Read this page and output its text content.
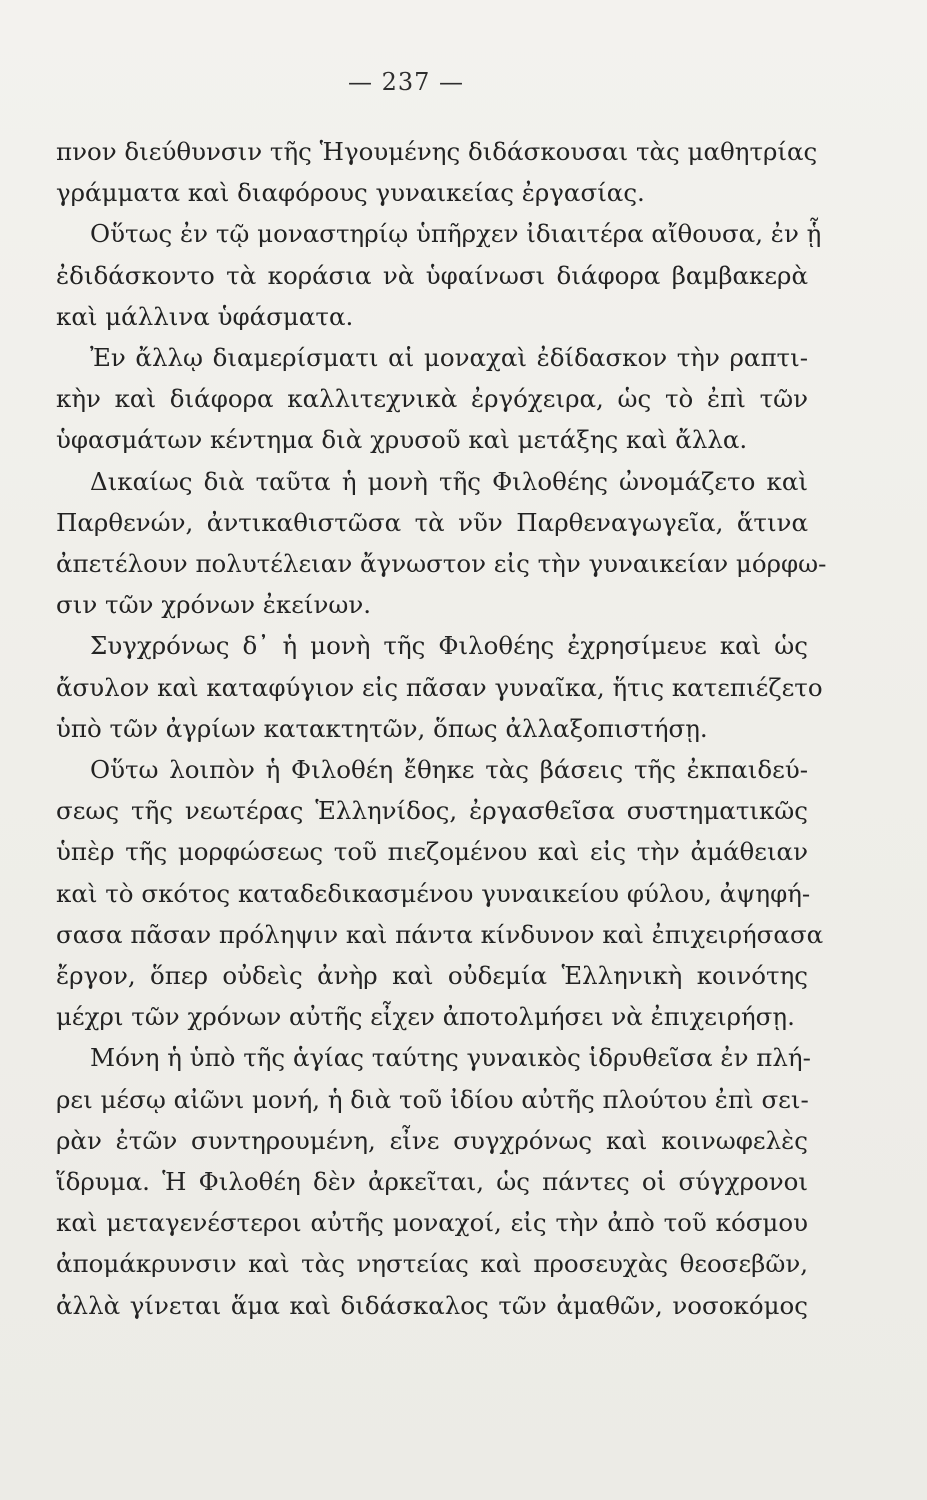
— 237 —
πνον διεύθυνσιν τῆς Ἡγουμένης διδάσκουσαι τὰς μαθητρίας
γράμματα καὶ διαφόρους γυναικείας ἐργασίας.
Οὕτως ἐν τῷ μοναστηρίῳ ὑπῆρχεν ἰδιαιτέρα αἴθουσα, ἐν ᾗ
ἐδιδάσκοντο τὰ κοράσια νὰ ὑφαίνωσι διάφορα βαμβακερὰ
καὶ μάλλινα ὑφάσματα.
Ἐν ἄλλῳ διαμερίσματι αἱ μοναχαὶ ἐδίδασκον τὴν ραπτι-
κὴν καὶ διάφορα καλλιτεχνικὰ ἐργόχειρα, ὡς τὸ ἐπὶ τῶν
ὑφασμάτων κέντημα διὰ χρυσοῦ καὶ μετάξης καὶ ἄλλα.
Δικαίως διὰ ταῦτα ἡ μονὴ τῆς Φιλοθέης ὠνομάζετο καὶ
Παρθενών, ἀντικαθιστῶσα τὰ νῦν Παρθεναγωγεῖα, ἅτινα
ἀπετέλουν πολυτέλειαν ἄγνωστον εἰς τὴν γυναικείαν μόρφω-
σιν τῶν χρόνων ἐκείνων.
Συγχρόνως δ᾽ ἡ μονὴ τῆς Φιλοθέης ἐχρησίμευε καὶ ὡς
ἄσυλον καὶ καταφύγιον εἰς πᾶσαν γυναῖκα, ἥτις κατεπιέζετο
ὑπὸ τῶν ἀγρίων κατακτητῶν, ὅπως ἀλλαξοπιστήσῃ.
Οὕτω λοιπὸν ἡ Φιλοθέη ἔθηκε τὰς βάσεις τῆς ἐκπαιδεύ-
σεως τῆς νεωτέρας Ἑλληνίδος, ἐργασθεῖσα συστηματικῶς
ὑπὲρ τῆς μορφώσεως τοῦ πιεζομένου καὶ εἰς τὴν ἀμάθειαν
καὶ τὸ σκότος καταδεδικασμένου γυναικείου φύλου, ἀψηφή-
σασα πᾶσαν πρόληψιν καὶ πάντα κίνδυνον καὶ ἐπιχειρήσασα
ἔργον, ὅπερ οὐδεὶς ἀνὴρ καὶ οὐδεμία Ἑλληνικὴ κοινότης
μέχρι τῶν χρόνων αὐτῆς εἶχεν ἀποτολμήσει νὰ ἐπιχειρήσῃ.
Μόνη ἡ ὑπὸ τῆς ἁγίας ταύτης γυναικὸς ἱδρυθεῖσα ἐν πλή-
ρει μέσῳ αἰῶνι μονή, ἡ διὰ τοῦ ἰδίου αὐτῆς πλούτου ἐπὶ σει-
ρὰν ἐτῶν συντηρουμένη, εἶνε συγχρόνως καὶ κοινωφελὲς
ἵδρυμα. Ἡ Φιλοθέη δὲν ἀρκεῖται, ὡς πάντες οἱ σύγχρονοι
καὶ μεταγενέστεροι αὐτῆς μοναχοί, εἰς τὴν ἀπὸ τοῦ κόσμου
ἀπομάκρυνσιν καὶ τὰς νηστείας καὶ προσευχὰς θεοσεβῶν,
ἀλλὰ γίνεται ἅμα καὶ διδάσκαλος τῶν ἀμαθῶν, νοσοκόμος
